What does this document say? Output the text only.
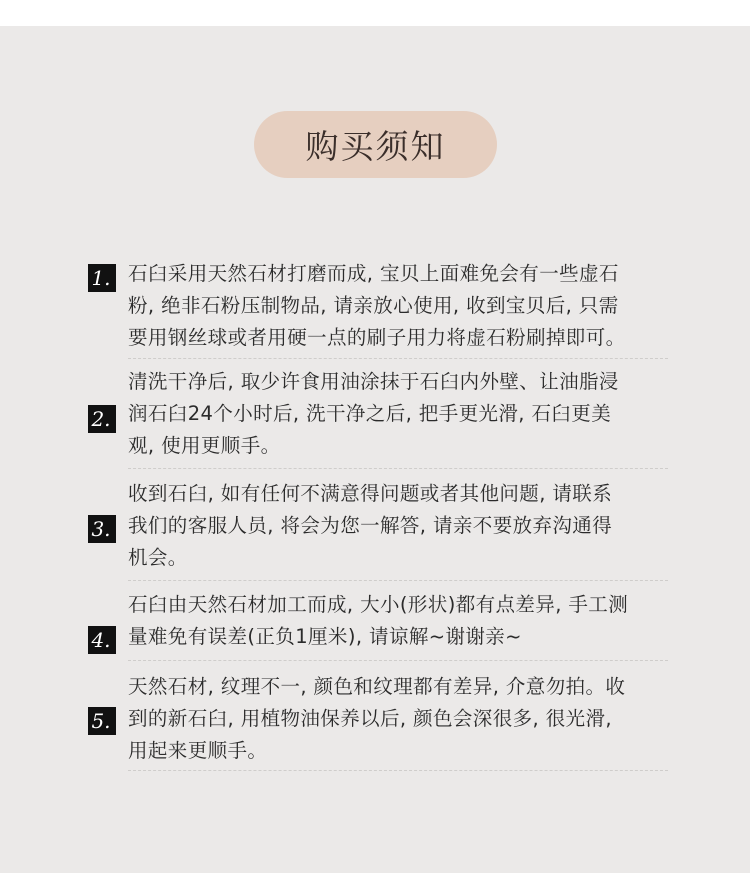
购买须知
1. 石臼采用天然石材打磨而成, 宝贝上面难免会有一些虚石
粉, 绝非石粉压制物品, 请亲放心使用, 收到宝贝后, 只需
要用钢丝球或者用硬一点的刷子用力将虚石粉刷掉即可。
2.
清洗干净后, 取少许食用油涂抹于石臼内外壁、让油脂浸
润石臼24个小时后, 洗干净之后, 把手更光滑, 石臼更美
观, 使用更顺手。
3.
收到石臼, 如有任何不满意得问题或者其他问题, 请联系
我们的客服人员, 将会为您一解答, 请亲不要放弃沟通得
机会。
4.
石臼由天然石材加工而成, 大小(形状)都有点差异, 手工测
量难免有误差(正负1厘米), 请谅解~谢谢亲~
5.
天然石材, 纹理不一, 颜色和纹理都有差异, 介意勿拍。收
到的新石臼, 用植物油保养以后, 颜色会深很多, 很光滑,
用起来更顺手。
